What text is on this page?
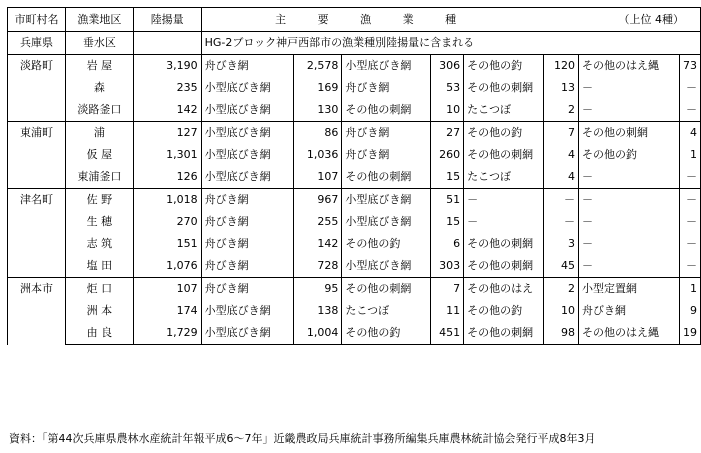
市町村名	漁業地区	陸揚量	主 要 漁 業 種					（上位 4種）		
兵庫県	垂水区		HG-2ブロック神戸西部市の漁業種別陸揚量に含まれる							
淡路町	岩 屋	3,190	舟びき網	2,578	小型底びき網	306	その他の釣	120	その他のはえ縄	73
	森	235	小型底びき網	169	舟びき網	53	その他の刺網	13	－	－
	淡路釜口	142	小型底びき網	130	その他の刺網	10	たこつぼ	2	－	－
東浦町	浦	127	小型底びき網	86	舟びき網	27	その他の釣	7	その他の刺網	4
	仮 屋	1,301	小型底びき網	1,036	舟びき網	260	その他の刺網	4	その他の釣	1
	東浦釜口	126	小型底びき網	107	その他の刺網	15	たこつぼ	4	－	－
津名町	佐 野	1,018	舟びき網	967	小型底びき網	51	－	－	－	－
	生 穂	270	舟びき網	255	小型底びき網	15	－	－	－	－
	志 筑	151	舟びき網	142	その他の釣	6	その他の刺網	3	－	－
	塩 田	1,076	舟びき網	728	小型底びき網	303	その他の刺網	45	－	－
洲本市	炬 口	107	舟びき網	95	その他の刺網	7	その他のはえ	2	小型定置網	1
	洲 本	174	小型底びき網	138	たこつぼ	11	その他の釣	10	舟びき網	9
	由 良	1,729	小型底びき網	1,004	その他の釣	451	その他の刺網	98	その他のはえ縄	19
資料：「第44次兵庫県農林水産統計年報平成6～7年」近畿農政局兵庫統計事務所編集兵庫農林統計協会発行平成8年3月
